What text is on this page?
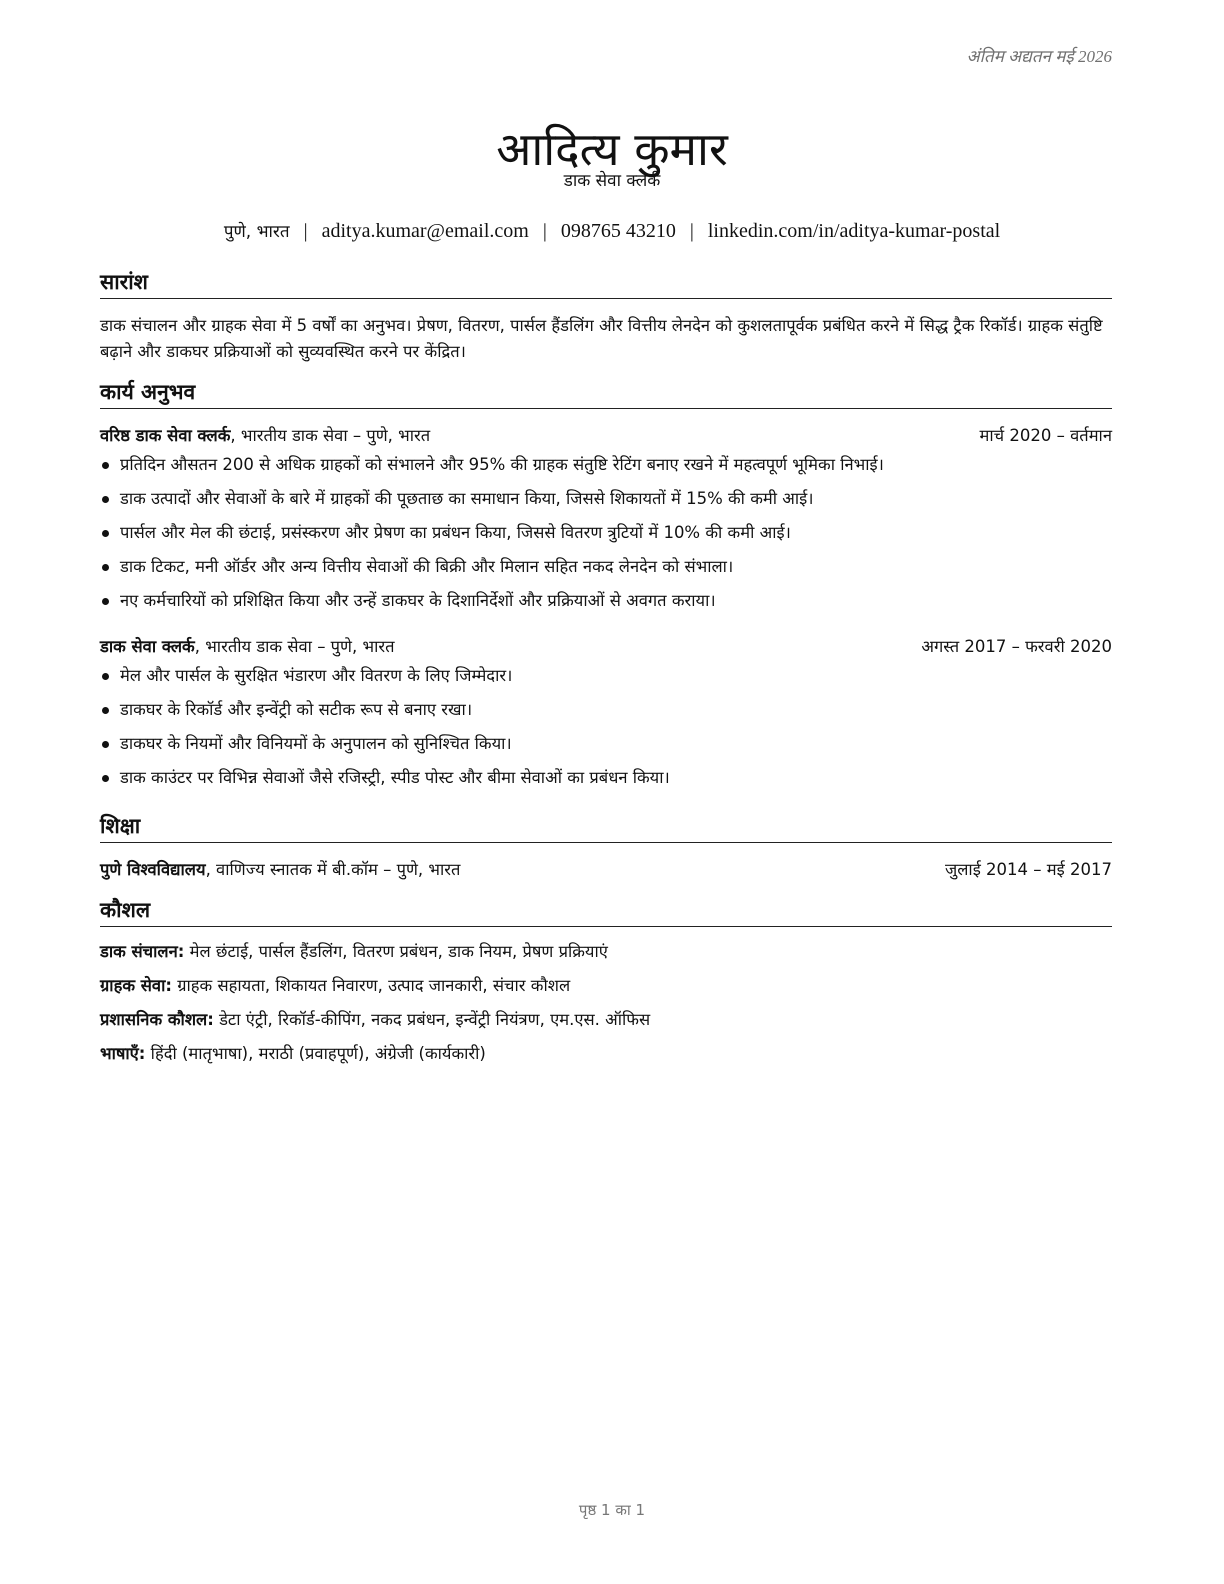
अंतिम अद्यतन मई 2026
आदित्य कुमार
डाक सेवा क्लर्क
पुणे, भारत | aditya.kumar@email.com | 098765 43210 | linkedin.com/in/aditya-kumar-postal
सारांश
डाक संचालन और ग्राहक सेवा में 5 वर्षों का अनुभव। प्रेषण, वितरण, पार्सल हैंडलिंग और वित्तीय लेनदेन को कुशलतापूर्वक प्रबंधित करने में सिद्ध ट्रैक रिकॉर्ड। ग्राहक संतुष्टि बढ़ाने और डाकघर प्रक्रियाओं को सुव्यवस्थित करने पर केंद्रित।
कार्य अनुभव
वरिष्ठ डाक सेवा क्लर्क, भारतीय डाक सेवा – पुणे, भारत	मार्च 2020 – वर्तमान
प्रतिदिन औसतन 200 से अधिक ग्राहकों को संभालने और 95% की ग्राहक संतुष्टि रेटिंग बनाए रखने में महत्वपूर्ण भूमिका निभाई।
डाक उत्पादों और सेवाओं के बारे में ग्राहकों की पूछताछ का समाधान किया, जिससे शिकायतों में 15% की कमी आई।
पार्सल और मेल की छंटाई, प्रसंस्करण और प्रेषण का प्रबंधन किया, जिससे वितरण त्रुटियों में 10% की कमी आई।
डाक टिकट, मनी ऑर्डर और अन्य वित्तीय सेवाओं की बिक्री और मिलान सहित नकद लेनदेन को संभाला।
नए कर्मचारियों को प्रशिक्षित किया और उन्हें डाकघर के दिशानिर्देशों और प्रक्रियाओं से अवगत कराया।
डाक सेवा क्लर्क, भारतीय डाक सेवा – पुणे, भारत	अगस्त 2017 – फरवरी 2020
मेल और पार्सल के सुरक्षित भंडारण और वितरण के लिए जिम्मेदार।
डाकघर के रिकॉर्ड और इन्वेंट्री को सटीक रूप से बनाए रखा।
डाकघर के नियमों और विनियमों के अनुपालन को सुनिश्चित किया।
डाक काउंटर पर विभिन्न सेवाओं जैसे रजिस्ट्री, स्पीड पोस्ट और बीमा सेवाओं का प्रबंधन किया।
शिक्षा
पुणे विश्वविद्यालय, वाणिज्य स्नातक में बी.कॉम – पुणे, भारत	जुलाई 2014 – मई 2017
कौशल
डाक संचालन: मेल छंटाई, पार्सल हैंडलिंग, वितरण प्रबंधन, डाक नियम, प्रेषण प्रक्रियाएं
ग्राहक सेवा: ग्राहक सहायता, शिकायत निवारण, उत्पाद जानकारी, संचार कौशल
प्रशासनिक कौशल: डेटा एंट्री, रिकॉर्ड-कीपिंग, नकद प्रबंधन, इन्वेंट्री नियंत्रण, एम.एस. ऑफिस
भाषाएँ: हिंदी (मातृभाषा), मराठी (प्रवाहपूर्ण), अंग्रेजी (कार्यकारी)
पृष्ठ 1 का 1
